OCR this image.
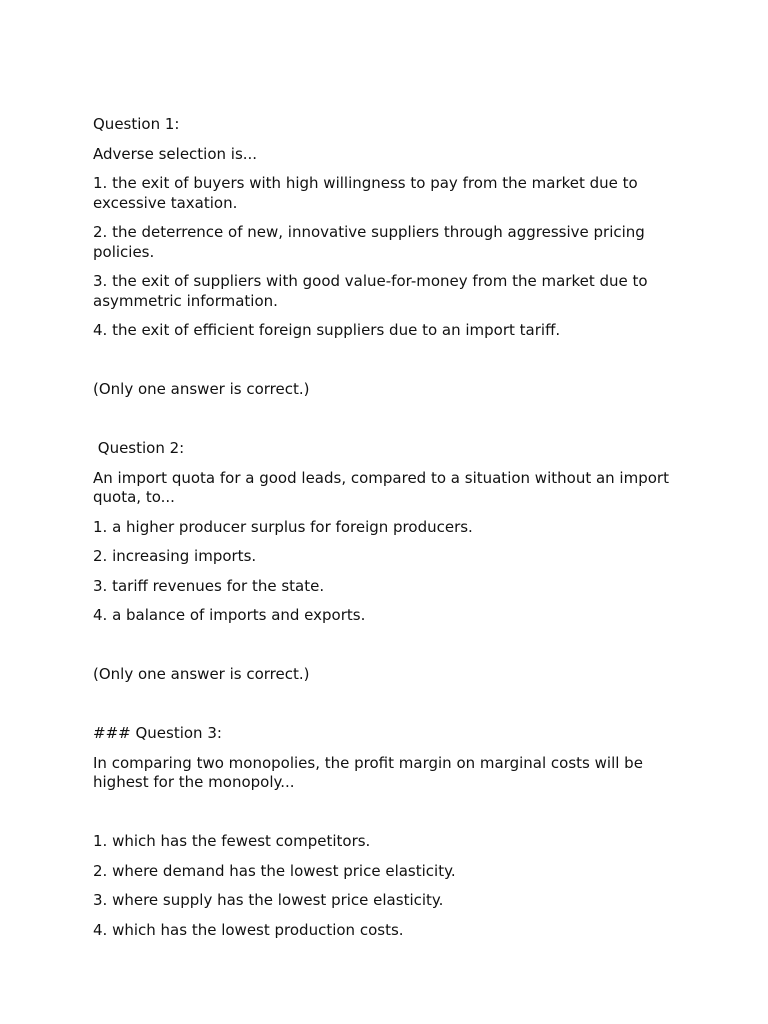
Question 1:

Adverse selection is...

1. the exit of buyers with high willingness to pay from the market due to excessive taxation.

2. the deterrence of new, innovative suppliers through aggressive pricing policies.

3. the exit of suppliers with good value-for-money from the market due to asymmetric information.

4. the exit of efficient foreign suppliers due to an import tariff.

(Only one answer is correct.)

Question 2:

An import quota for a good leads, compared to a situation without an import quota, to...

1. a higher producer surplus for foreign producers.

2. increasing imports.

3. tariff revenues for the state.

4. a balance of imports and exports.

(Only one answer is correct.)

### Question 3:

In comparing two monopolies, the profit margin on marginal costs will be highest for the monopoly...

1. which has the fewest competitors.

2. where demand has the lowest price elasticity.

3. where supply has the lowest price elasticity.

4. which has the lowest production costs.
